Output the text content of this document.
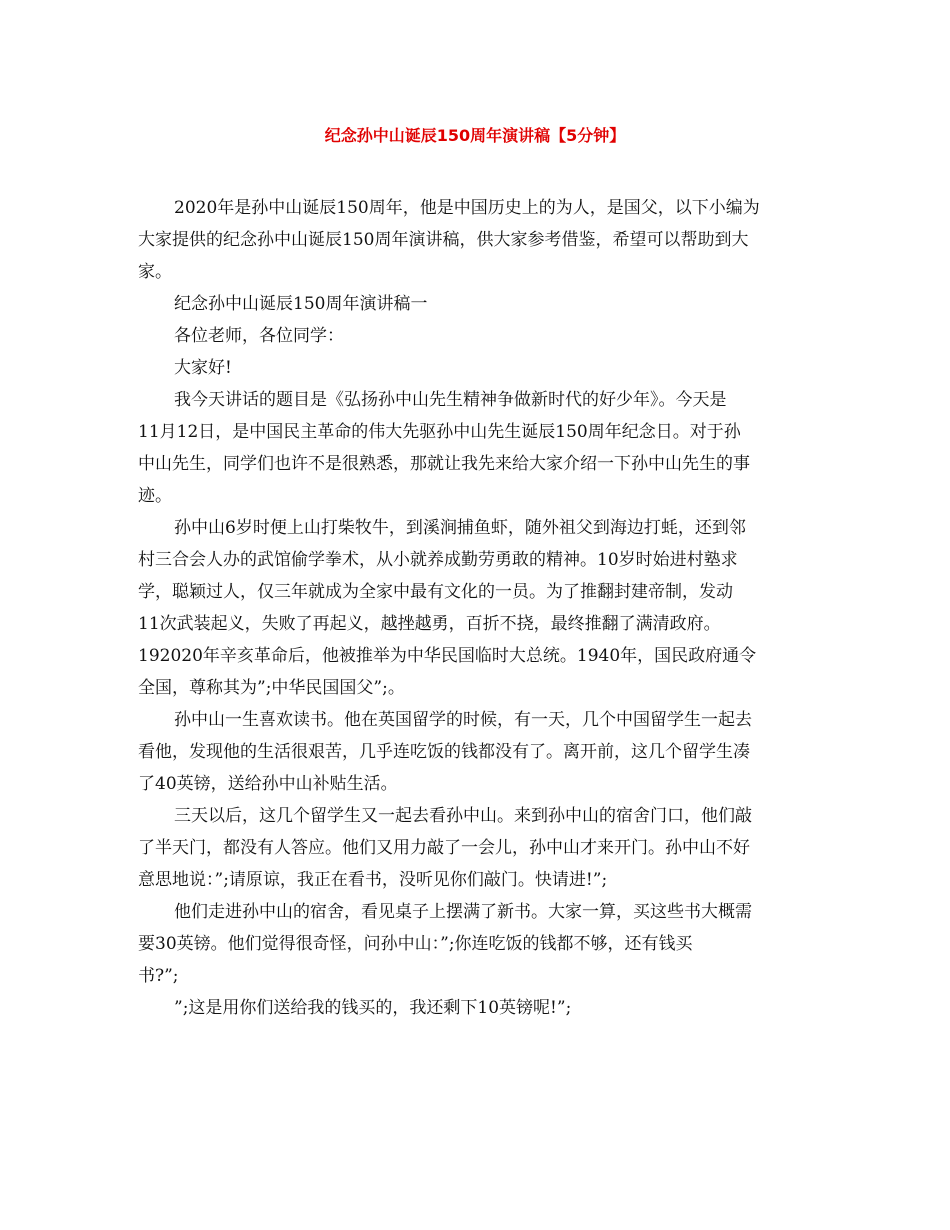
纪念孙中山诞辰150周年演讲稿【5分钟】

2020年是孙中山诞辰150周年，他是中国历史上的为人，是国父，以下小编为
大家提供的纪念孙中山诞辰150周年演讲稿，供大家参考借鉴，希望可以帮助到大
家。

纪念孙中山诞辰150周年演讲稿一

各位老师，各位同学：

大家好!

我今天讲话的题目是《弘扬孙中山先生精神争做新时代的好少年》。今天是
11月12日，是中国民主革命的伟大先驱孙中山先生诞辰150周年纪念日。对于孙
中山先生，同学们也许不是很熟悉，那就让我先来给大家介绍一下孙中山先生的事
迹。

孙中山6岁时便上山打柴牧牛，到溪涧捕鱼虾，随外祖父到海边打蚝，还到邻
村三合会人办的武馆偷学拳术，从小就养成勤劳勇敢的精神。10岁时始进村塾求
学，聪颖过人，仅三年就成为全家中最有文化的一员。为了推翻封建帝制，发动
11次武装起义，失败了再起义，越挫越勇，百折不挠，最终推翻了满清政府。
192020年辛亥革命后，他被推举为中华民国临时大总统。1940年，国民政府通令
全国，尊称其为”;中华民国国父”;。

孙中山一生喜欢读书。他在英国留学的时候，有一天，几个中国留学生一起去
看他，发现他的生活很艰苦，几乎连吃饭的钱都没有了。离开前，这几个留学生凑
了40英镑，送给孙中山补贴生活。

三天以后，这几个留学生又一起去看孙中山。来到孙中山的宿舍门口，他们敲
了半天门，都没有人答应。他们又用力敲了一会儿，孙中山才来开门。孙中山不好
意思地说：”;请原谅，我正在看书，没听见你们敲门。快请进!”;

他们走进孙中山的宿舍，看见桌子上摆满了新书。大家一算，买这些书大概需
要30英镑。他们觉得很奇怪，问孙中山：”;你连吃饭的钱都不够，还有钱买
书?”;

”;这是用你们送给我的钱买的，我还剩下10英镑呢!”;
